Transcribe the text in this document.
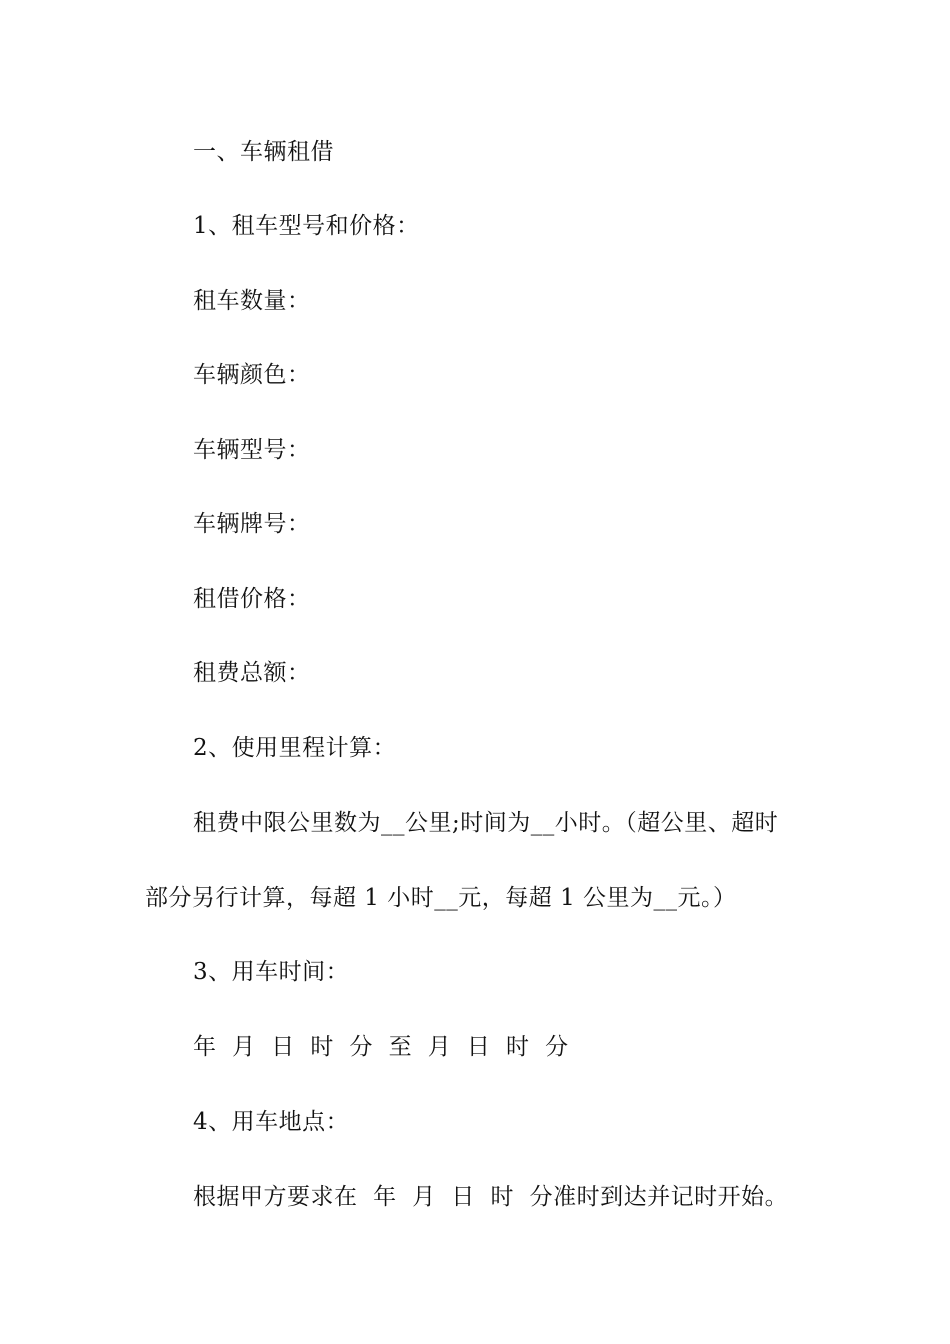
一、车辆租借
1、租车型号和价格：
租车数量：
车辆颜色：
车辆型号：
车辆牌号：
租借价格：
租费总额：
2、使用里程计算：
租费中限公里数为__公里;时间为__小时。（超公里、超时
部分另行计算，每超 1 小时__元，每超 1 公里为__元。）
3、用车时间：
年  月  日  时  分  至  月  日  时  分
4、用车地点：
根据甲方要求在  年  月  日  时  分准时到达并记时开始。
